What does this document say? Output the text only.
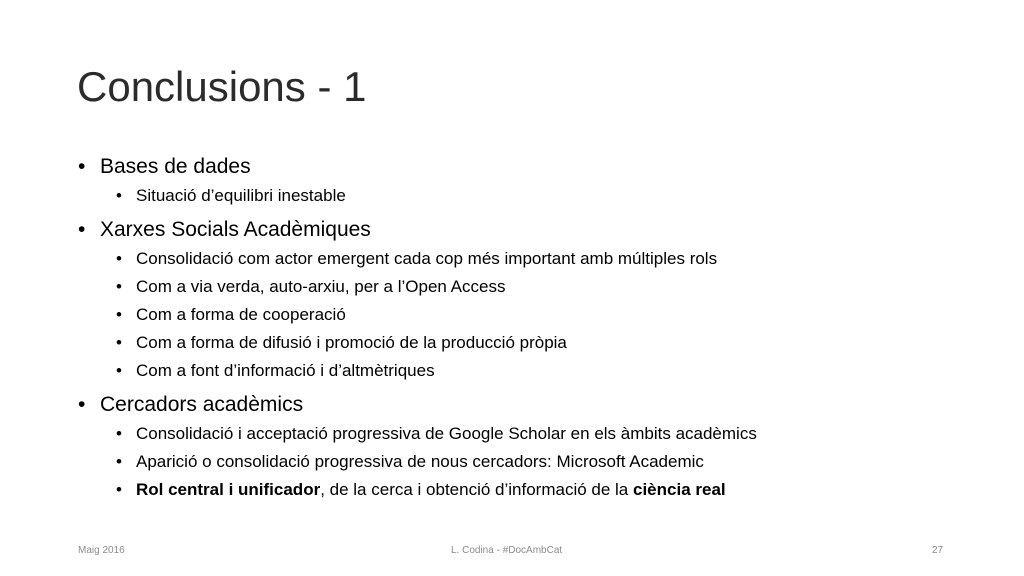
Conclusions - 1
• Bases de dades
• Situació d’equilibri inestable
• Xarxes Socials Acadèmiques
• Consolidació com actor emergent cada cop més important amb múltiples rols
• Com a via verda, auto-arxiu, per a l’Open Access
• Com a forma de cooperació
• Com a forma de difusió i promoció de la producció pròpia
• Com a font d’informació i d’altmètriques
• Cercadors acadèmics
• Consolidació i acceptació progressiva de Google Scholar en els àmbits acadèmics
• Aparició o consolidació progressiva de nous cercadors: Microsoft Academic
• Rol central i unificador, de la cerca i obtenció d’informació de la ciència real
Maig 2016	L. Codina - #DocAmbCat	27
